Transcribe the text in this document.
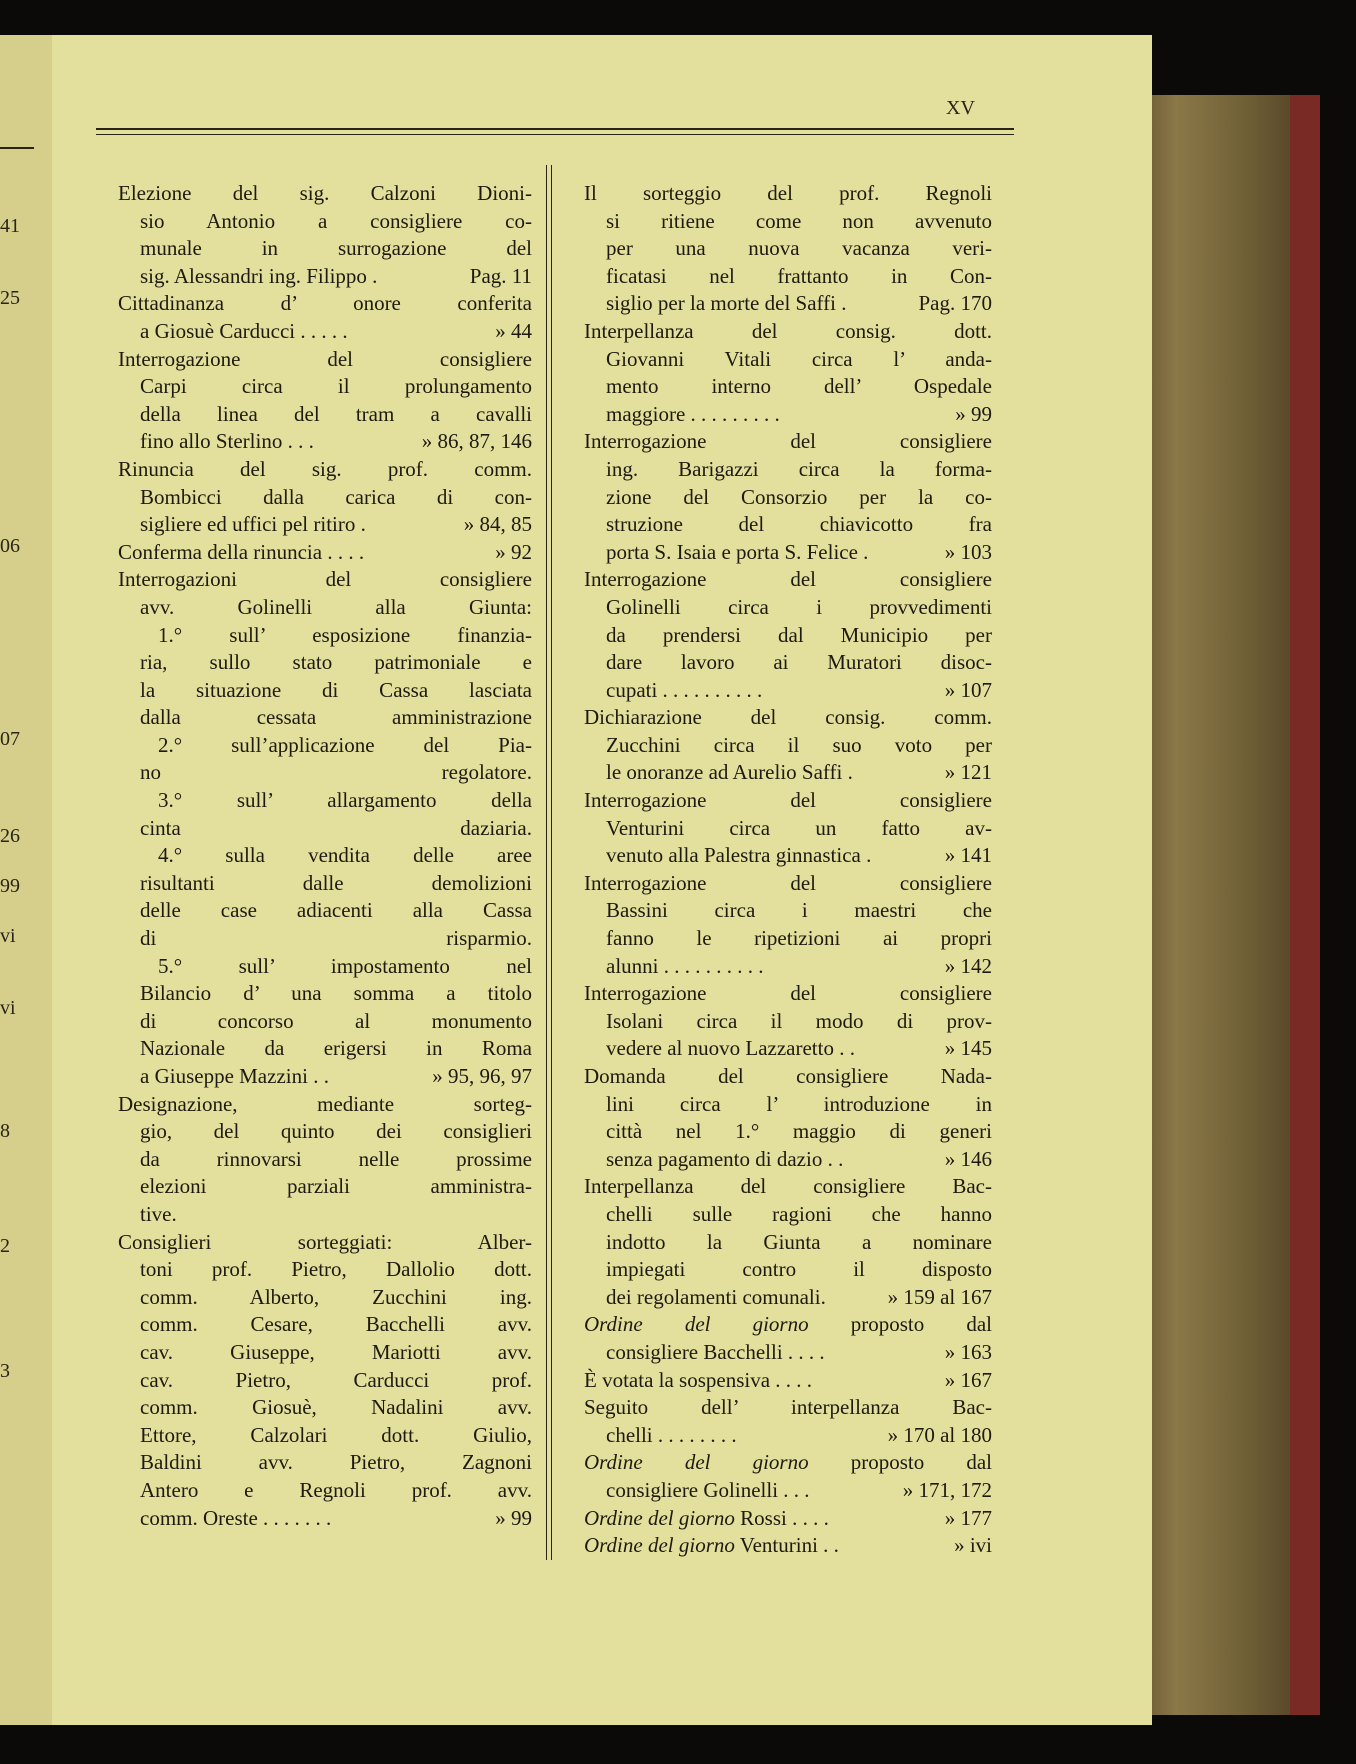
41
25
06
07
26
99
vi
vi
8
2
3
XV
Elezione del sig. Calzoni Dioni-
sio Antonio a consigliere co-
munale in surrogazione del
sig. Alessandri ing. Filippo .	Pag. 11
Cittadinanza d’ onore conferita
a Giosuè Carducci . . . . .	» 44
Interrogazione del consigliere
Carpi circa il prolungamento
della linea del tram a cavalli
fino allo Sterlino . . .	» 86, 87, 146
Rinuncia del sig. prof. comm.
Bombicci dalla carica di con-
sigliere ed uffici pel ritiro .	» 84, 85
Conferma della rinuncia . . . .	» 92
Interrogazioni del consigliere
avv. Golinelli alla Giunta:
1.° sull’ esposizione finanzia-
ria, sullo stato patrimoniale e
la situazione di Cassa lasciata
dalla cessata amministrazione
2.° sull’applicazione del Pia-
no regolatore.
3.° sull’ allargamento della
cinta daziaria.
4.° sulla vendita delle aree
risultanti dalle demolizioni
delle case adiacenti alla Cassa
di risparmio.
5.° sull’ impostamento nel
Bilancio d’ una somma a titolo
di concorso al monumento
Nazionale da erigersi in Roma
a Giuseppe Mazzini . .	» 95, 96, 97
Designazione, mediante sorteg-
gio, del quinto dei consiglieri
da rinnovarsi nelle prossime
elezioni parziali amministra-
tive.
Consiglieri sorteggiati: Alber-
toni prof. Pietro, Dallolio dott.
comm. Alberto, Zucchini ing.
comm. Cesare, Bacchelli avv.
cav. Giuseppe, Mariotti avv.
cav. Pietro, Carducci prof.
comm. Giosuè, Nadalini avv.
Ettore, Calzolari dott. Giulio,
Baldini avv. Pietro, Zagnoni
Antero e Regnoli prof. avv.
comm. Oreste . . . . . . .	» 99
Il sorteggio del prof. Regnoli
si ritiene come non avvenuto
per una nuova vacanza veri-
ficatasi nel frattanto in Con-
siglio per la morte del Saffi .	Pag. 170
Interpellanza del consig. dott.
Giovanni Vitali circa l’ anda-
mento interno dell’ Ospedale
maggiore . . . . . . . . .	» 99
Interrogazione del consigliere
ing. Barigazzi circa la forma-
zione del Consorzio per la co-
struzione del chiavicotto fra
porta S. Isaia e porta S. Felice .	» 103
Interrogazione del consigliere
Golinelli circa i provvedimenti
da prendersi dal Municipio per
dare lavoro ai Muratori disoc-
cupati . . . . . . . . . .	» 107
Dichiarazione del consig. comm.
Zucchini circa il suo voto per
le onoranze ad Aurelio Saffi .	» 121
Interrogazione del consigliere
Venturini circa un fatto av-
venuto alla Palestra ginnastica .	» 141
Interrogazione del consigliere
Bassini circa i maestri che
fanno le ripetizioni ai propri
alunni . . . . . . . . . .	» 142
Interrogazione del consigliere
Isolani circa il modo di prov-
vedere al nuovo Lazzaretto . .	» 145
Domanda del consigliere Nada-
lini circa l’ introduzione in
città nel 1.° maggio di generi
senza pagamento di dazio . .	» 146
Interpellanza del consigliere Bac-
chelli sulle ragioni che hanno
indotto la Giunta a nominare
impiegati contro il disposto
dei regolamenti comunali.	» 159 al 167
Ordine del giorno proposto dal
consigliere Bacchelli . . . .	» 163
È votata la sospensiva . . . .	» 167
Seguito dell’ interpellanza Bac-
chelli . . . . . . . .	» 170 al 180
Ordine del giorno proposto dal
consigliere Golinelli . . .	» 171, 172
Ordine del giorno Rossi . . . .	» 177
Ordine del giorno Venturini . .	» ivi
